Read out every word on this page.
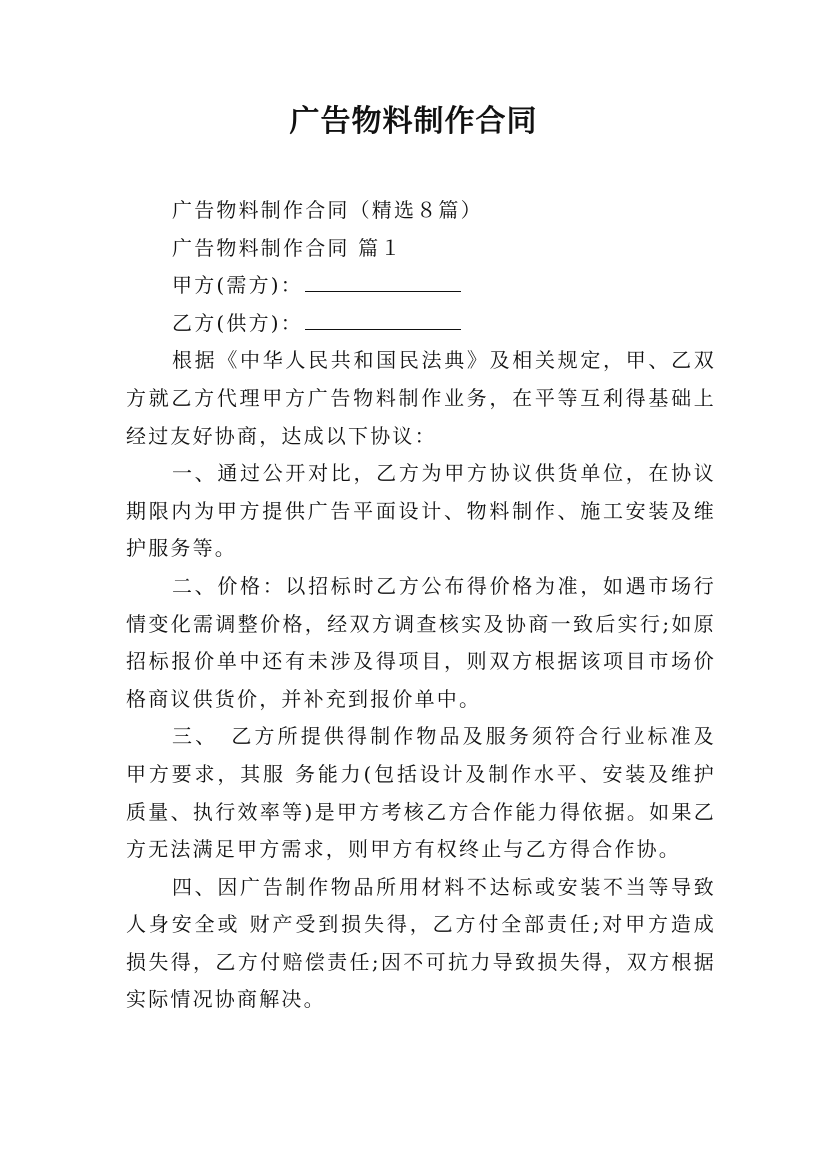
广告物料制作合同

广告物料制作合同（精选８篇）

广告物料制作合同 篇１

甲方(需方)：

乙方(供方)：

根据《中华人民共和国民法典》及相关规定，甲、乙双方就乙方代理甲方广告物料制作业务，在平等互利得基础上经过友好协商，达成以下协议：

一、通过公开对比，乙方为甲方协议供货单位，在协议期限内为甲方提供广告平面设计、物料制作、施工安装及维护服务等。

二、价格：以招标时乙方公布得价格为准，如遇市场行情变化需调整价格，经双方调查核实及协商一致后实行;如原招标报价单中还有未涉及得项目，则双方根据该项目市场价格商议供货价，并补充到报价单中。

三、　乙方所提供得制作物品及服务须符合行业标准及甲方要求，其服 务能力(包括设计及制作水平、安装及维护质量、执行效率等)是甲方考核乙方合作能力得依据。如果乙方无法满足甲方需求，则甲方有权终止与乙方得合作协。

四、因广告制作物品所用材料不达标或安装不当等导致人身安全或 财产受到损失得，乙方付全部责任;对甲方造成损失得，乙方付赔偿责任;因不可抗力导致损失得，双方根据实际情况协商解决。
